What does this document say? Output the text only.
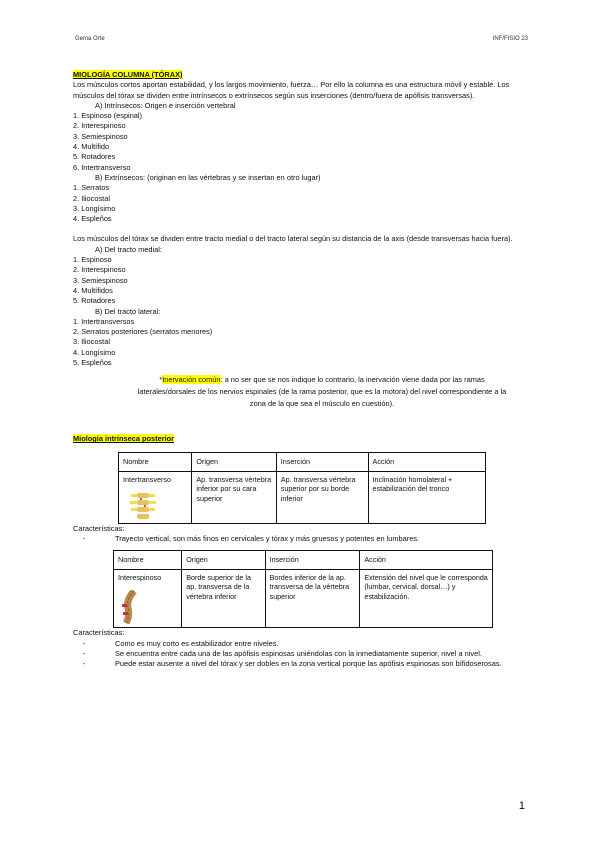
Gema Orte	INF/FISIO 23
MIOLOGÍA COLUMNA (TÓRAX)

Los músculos cortos aportan estabilidad, y los largos movimiento, fuerza… Por ello la columna es una estructura móvil y estable. Los músculos del tórax se dividen entre intrínsecos o extrínsecos según sus inserciones (dentro/fuera de apófisis transversas).

A) Intrínsecos: Origen e inserción vertebral

1. Espinoso (espinal)

2. Interespinoso

3. Semiespinoso

4. Multífido

5. Rotadores

6. Intertransverso

B) Extrínsecos: (originan en las vértebras y se insertan en otro lugar)

1. Serratos

2. Iliocostal

3. Longísimo

4. Espleños

Los músculos del tórax se dividen entre tracto medial o del tracto lateral según su distancia de la axis (desde transversas hacia fuera).

A) Del tracto medial:

1. Espinoso

2. Interespinoso

3. Semiespinoso

4. Multífidos

5. Rotadores

B) Del tracto lateral:

1. Intertransversos

2. Serratos posteriores (serratos menores)

3. Iliocostal

4. Longísimo

5. Espleños

*Inervación común: a no ser que se nos indique lo contrario, la inervación viene dada por las ramas laterales/dorsales de los nervios espinales (de la rama posterior, que es la motora) del nivel correspondiente a la zona de la que sea el músculo en cuestión).

Miología intrínseca posterior
Nombre	Origen	Inserción	Acción
Intertransverso	Ap. transversa vértebra inferior por su cara superior	Ap. transversa vértebra superior por su borde inferior	Inclinación homolateral + estabilización del tronco

Características:

-	Trayecto vertical, son más finos en cervicales y tórax y más gruesos y potentes en lumbares.

Nombre	Origen	Inserción	Acción
Interespinoso	Borde superior de la ap. transversa de la vértebra inferior	Bordes inferior de la ap. transversa de la vértebra superior	Extensión del nivel que le corresponda (lumbar, cervical, dorsal…) y estabilización.

Características:

-	Como es muy corto es estabilizador entre niveles.

-	Se encuentra entre cada una de las apófisis espinosas uniéndolas con la inmediatamente superior, nivel a nivel.

-	Puede estar ausente a nivel del tórax y ser dobles en la zona vertical porque las apófisis espinosas son bífidoserosas.

1
